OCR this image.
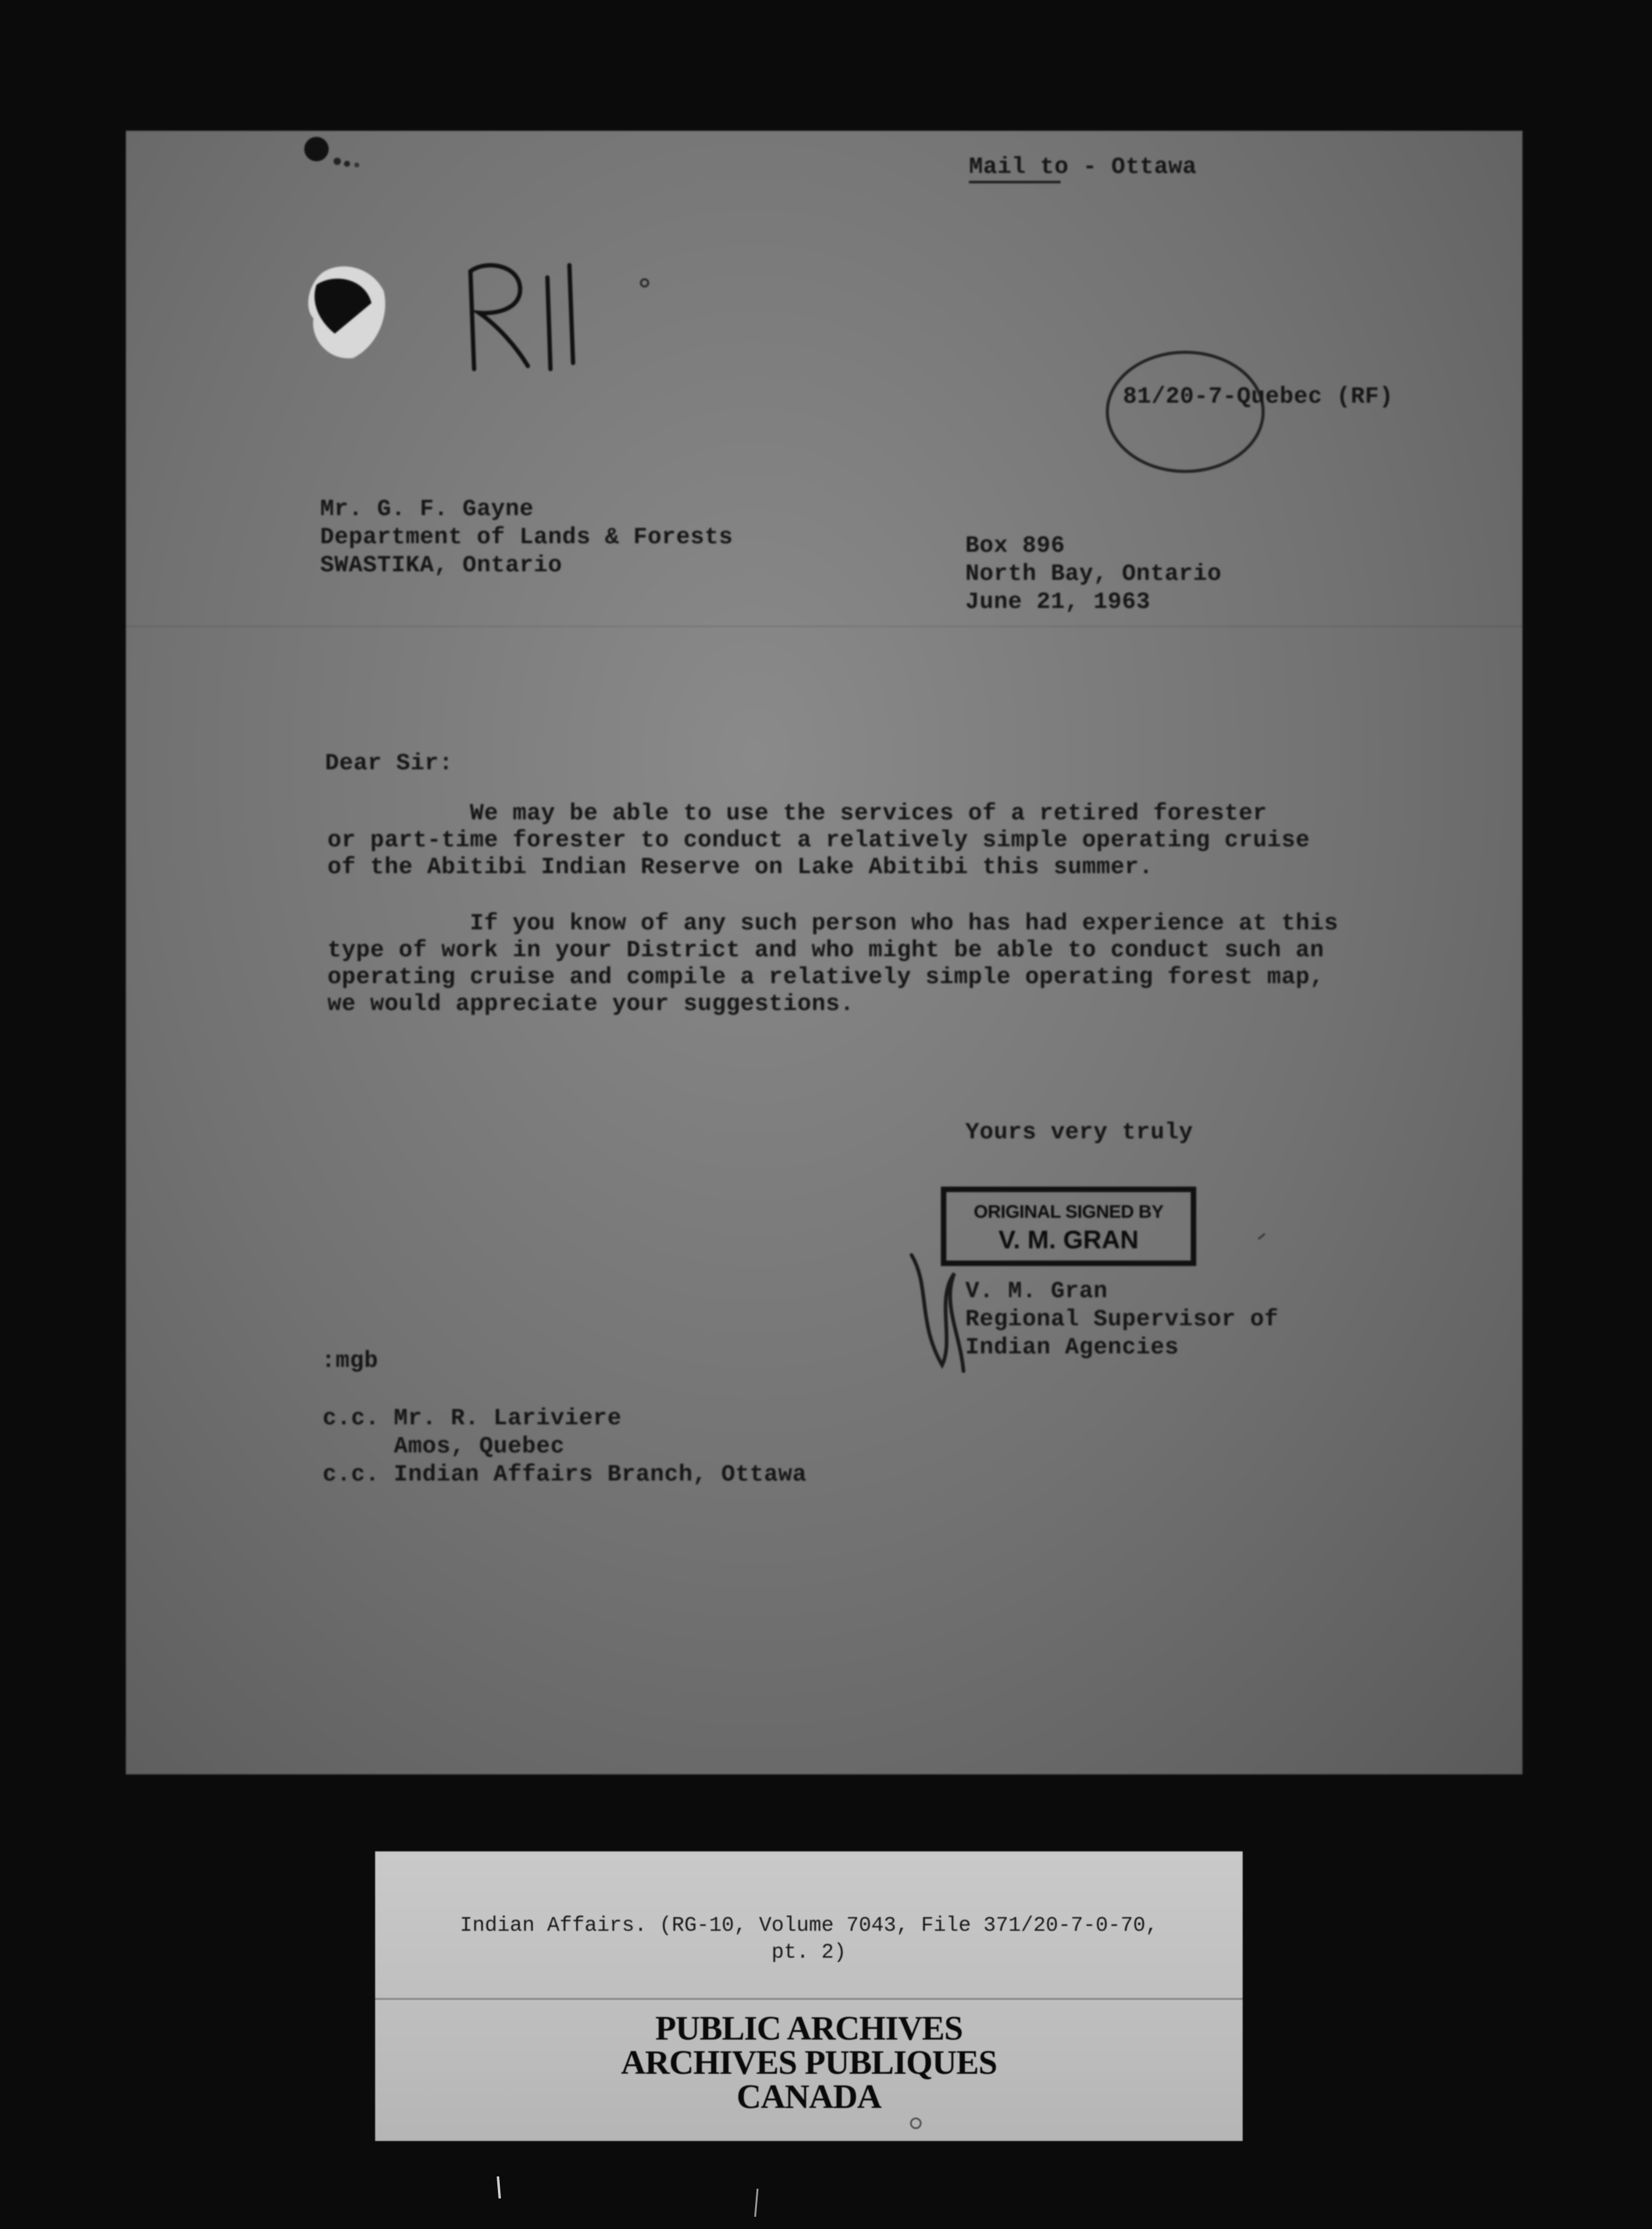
Mail to - Ottawa
81/20-7-Quebec (RF)
Mr. G. F. Gayne
Department of Lands & Forests
SWASTIKA, Ontario
Box 896
North Bay, Ontario
June 21, 1963
Dear Sir:
We may be able to use the services of a retired forester
or part-time forester to conduct a relatively simple operating cruise
of the Abitibi Indian Reserve on Lake Abitibi this summer.
If you know of any such person who has had experience at this
type of work in your District and who might be able to conduct such an
operating cruise and compile a relatively simple operating forest map,
we would appreciate your suggestions.
Yours very truly
ORIGINAL SIGNED BY
V. M. GRAN
V. M. Gran
Regional Supervisor of
Indian Agencies
:mgb
c.c. Mr. R. Lariviere
Amos, Quebec
c.c. Indian Affairs Branch, Ottawa
Indian Affairs. (RG-10, Volume 7043, File 371/20-7-0-70,
pt. 2)
PUBLIC ARCHIVES
ARCHIVES PUBLIQUES
CANADA
